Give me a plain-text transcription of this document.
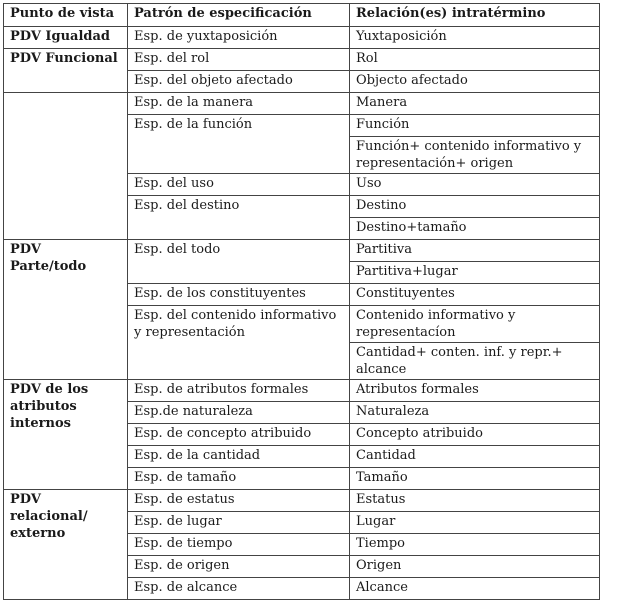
Punto de vista	Patrón de especificación	Relación(es) intratérmino
PDV Igualdad	Esp. de yuxtaposición	Yuxtaposición
PDV Funcional	Esp. del rol	Rol
	Esp. del objeto afectado	Objecto afectado
	Esp. de la manera	Manera
	Esp. de la función	Función
		Función+ contenido informativo y representación+ origen
	Esp. del uso	Uso
	Esp. del destino	Destino
		Destino+tamaño
PDV Parte/todo	Esp. del todo	Partitiva
		Partitiva+lugar
	Esp. de los constituyentes	Constituyentes
	Esp. del contenido informativo y representación	Contenido informativo y representacíon
		Cantidad+ conten. inf. y repr.+ alcance
PDV de los atributos internos	Esp. de atributos formales	Atributos formales
	Esp.de naturaleza	Naturaleza
	Esp. de concepto atribuido	Concepto atribuido
	Esp. de la cantidad	Cantidad
	Esp. de tamaño	Tamaño
PDV relacional/ externo	Esp. de estatus	Estatus
	Esp. de lugar	Lugar
	Esp. de tiempo	Tiempo
	Esp. de origen	Origen
	Esp. de alcance	Alcance
